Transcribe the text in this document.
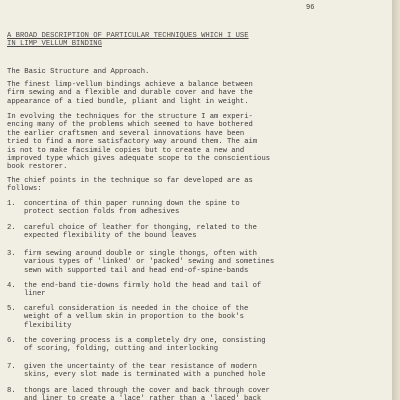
96
A BROAD DESCRIPTION OF PARTICULAR TECHNIQUES WHICH I USE
IN LIMP VELLUM BINDING
The Basic Structure and Approach.

The finest limp-vellum bindings achieve a balance between
firm sewing and a flexible and durable cover and have the
appearance of a tied bundle, pliant and light in weight.

In evolving the techniques for the structure I am experi-
encing many of the problems which seemed to have bothered
the earlier craftsmen and several innovations have been
tried to find a more satisfactory way around them. The aim
is not to make facsimile copies but to create a new and
improved type which gives adequate scope to the conscientious
book restorer.

The chief points in the technique so far developed are as
follows:

1.	concertina of thin paper running down the spine to
protect section folds from adhesives
2.	careful choice of leather for thonging, related to the
expected flexibility of the bound leaves
3.	firm sewing around double or single thongs, often with
various types of 'linked' or 'packed' sewing and sometines
sewn with supported tail and head end-of-spine-bands
4.	the end-band tie-downs firmly hold the head and tail of
liner
5.	careful consideration is needed in the choice of the
weight of a vellum skin in proportion to the book's
flexibility
6.	the covering process is a completely dry one, consisting
of scoring, folding, cutting and interlocking
7.	given the uncertainty of the tear resistance of modern
skins, every slot made is terminated with a punched hole
8.	thongs are laced through the cover and back through cover
and liner to create a 'lace' rather than a 'laced' back
